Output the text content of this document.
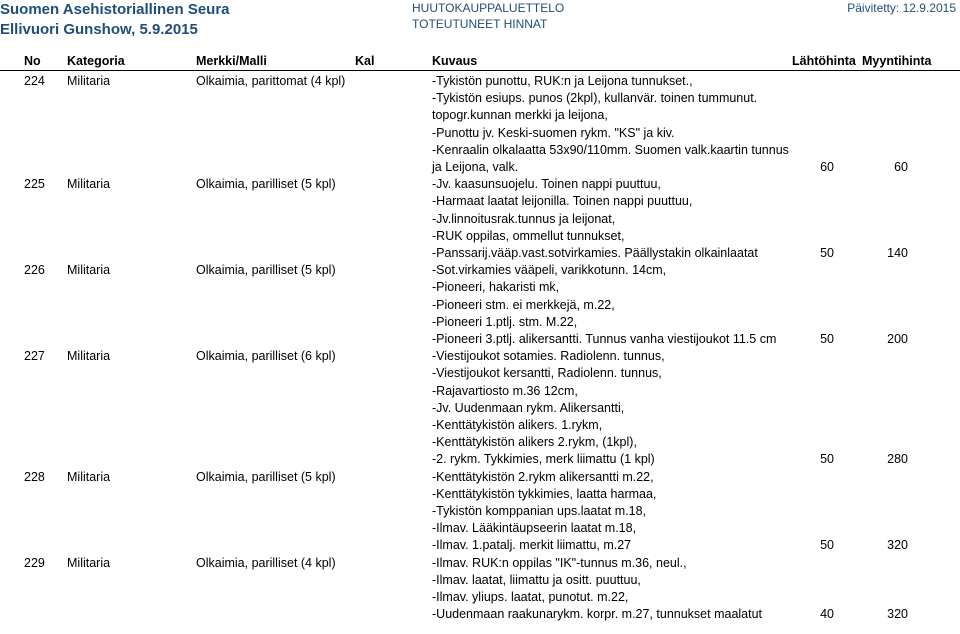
Suomen Asehistoriallinen Seura
Ellivuori Gunshow, 5.9.2015
HUUTOKAUPPALUETTELO
TOTEUTUNEET HINNAT
Päivitetty: 12.9.2015
No Kategoria	Merkki/Malli	Kal	Kuvaus	Lähtöhinta Myyntihinta
224 Militaria	Olkaimia, parittomat (4 kpl)	-Tykistön punottu, RUK:n ja Leijona tunnukset.,
-Tykistön esiups. punos (2kpl), kullanvär. toinen tummunut.
topogr.kunnan merkki ja leijona,
-Punottu jv. Keski-suomen rykm. "KS" ja kiv.
-Kenraalin olkalaatta 53x90/110mm. Suomen valk.kaartin tunnus
ja Leijona, valk.	60	60
225 Militaria	Olkaimia, parilliset (5 kpl)	-Jv. kaasunsuojelu. Toinen nappi puuttuu,
-Harmaat laatat leijonilla. Toinen nappi puuttuu,
-Jv.linnoitusrak.tunnus ja leijonat,
-RUK oppilas, ommellut tunnukset,
-Panssarij.vääp.vast.sotvirkamies. Päällystakin olkainlaatat	50	140
226 Militaria	Olkaimia, parilliset (5 kpl)	-Sot.virkamies vääpeli, varikkotunn. 14cm,
-Pioneeri, hakaristi mk,
-Pioneeri stm. ei merkkejä, m.22,
-Pioneeri 1.ptlj. stm. M.22,
-Pioneeri 3.ptlj. alikersantti. Tunnus vanha viestijoukot 11.5 cm	50	200
227 Militaria	Olkaimia, parilliset (6 kpl)	-Viestijoukot sotamies. Radiolenn. tunnus,
-Viestijoukot kersantti, Radiolenn. tunnus,
-Rajavartiosto m.36 12cm,
-Jv. Uudenmaan rykm. Alikersantti,
-Kenttätykistön alikers. 1.rykm,
-Kenttätykistön alikers 2.rykm, (1kpl),
-2. rykm. Tykkimies, merk liimattu (1 kpl)	50	280
228 Militaria	Olkaimia, parilliset (5 kpl)	-Kenttätykistön 2.rykm alikersantti m.22,
-Kenttätykistön tykkimies, laatta harmaa,
-Tykistön komppanian ups.laatat m.18,
-Ilmav. Lääkintäupseerin laatat m.18,
-Ilmav. 1.patalj. merkit liimattu, m.27	50	320
229 Militaria	Olkaimia, parilliset (4 kpl)	-Ilmav. RUK:n oppilas "IK"-tunnus m.36, neul.,
-Ilmav. laatat, liimattu ja ositt. puuttuu,
-Ilmav. yliups. laatat, punotut. m.22,
-Uudenmaan raakunarykm. korpr. m.27, tunnukset maalatut	40	320
